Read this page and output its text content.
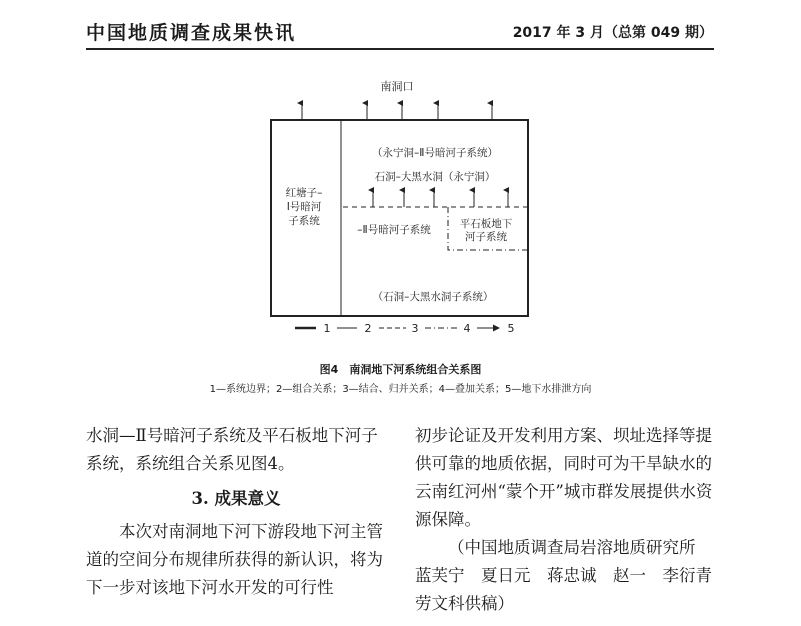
中国地质调查成果快讯	2017 年 3 月（总第 049 期）
南洞口
红塘子–
Ⅰ号暗河
子系统
（永宁洞–Ⅱ号暗河子系统）
石洞–大黑水洞（永宁洞）
–Ⅱ号暗河子系统	平石板地下
河子系统
（石洞–大黑水洞子系统）
1	2	3	4	5
图4　南洞地下河系统组合关系图
1—系统边界；2—组合关系；3—结合、归并关系；4—叠加关系；5—地下水排泄方向

水洞—Ⅱ号暗河子系统及平石板地下河子系统，系统组合关系见图4。

3. 成果意义

本次对南洞地下河下游段地下河主管道的空间分布规律所获得的新认识，将为下一步对该地下河水开发的可行性

初步论证及开发利用方案、坝址选择等提供可靠的地质依据，同时可为干旱缺水的云南红河州“蒙个开”城市群发展提供水资源保障。

（中国地质调查局岩溶地质研究所　蓝芙宁　夏日元　蒋忠诚　赵一　李衍青　劳文科供稿）
